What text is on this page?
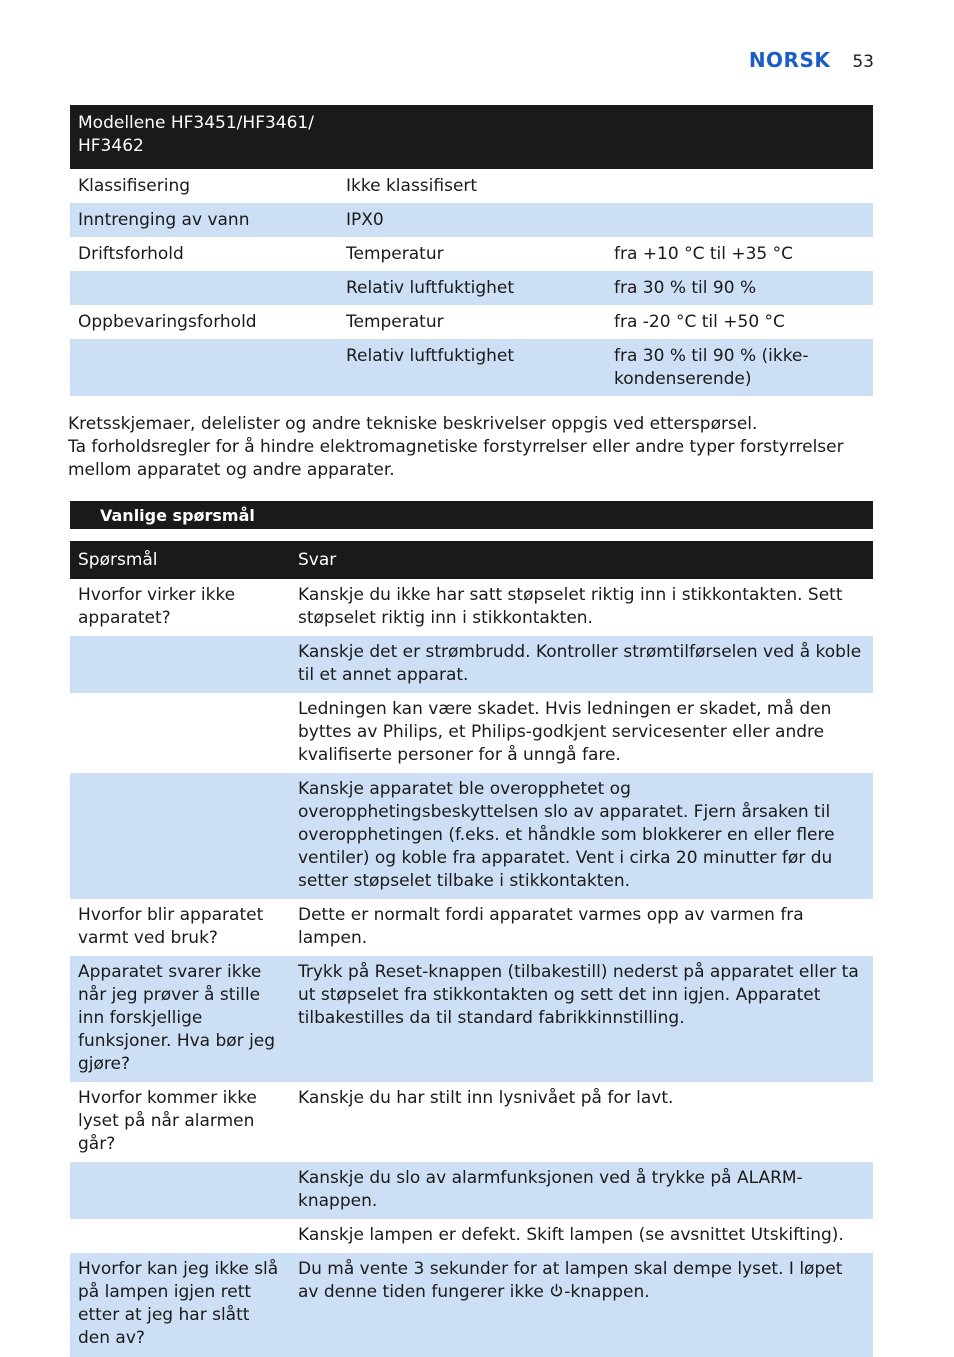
NORSK 53
Modellene HF3451/HF3461/ HF3462		

Klassifisering	Ikke klassifisert	
Inntrenging av vann	IPX0	
Driftsforhold	Temperatur	fra +10 °C til +35 °C
	Relativ luftfuktighet	fra 30 % til 90 %
Oppbevaringsforhold	Temperatur	fra -20 °C til +50 °C
	Relativ luftfuktighet	fra 30 % til 90 % (ikke-kondenserende)

Kretsskjemaer, delelister og andre tekniske beskrivelser oppgis ved etterspørsel.

Ta forholdsregler for å hindre elektromagnetiske forstyrrelser eller andre typer forstyrrelser mellom apparatet og andre apparater.

Vanlige spørsmål
Spørsmål	Svar
Hvorfor virker ikke apparatet?	Kanskje du ikke har satt støpselet riktig inn i stikkontakten. Sett støpselet riktig inn i stikkontakten.
	Kanskje det er strømbrudd. Kontroller strømtilførselen ved å koble til et annet apparat.
	Ledningen kan være skadet. Hvis ledningen er skadet, må den byttes av Philips, et Philips-godkjent servicesenter eller andre kvalifiserte personer for å unngå fare.
	Kanskje apparatet ble overopphetet og overopphetingsbeskyttelsen slo av apparatet. Fjern årsaken til overopphetingen (f.eks. et håndkle som blokkerer en eller flere ventiler) og koble fra apparatet. Vent i cirka 20 minutter før du setter støpselet tilbake i stikkontakten.
Hvorfor blir apparatet varmt ved bruk?	Dette er normalt fordi apparatet varmes opp av varmen fra lampen.
Apparatet svarer ikke når jeg prøver å stille inn forskjellige funksjoner. Hva bør jeg gjøre?	Trykk på Reset-knappen (tilbakestill) nederst på apparatet eller ta ut støpselet fra stikkontakten og sett det inn igjen. Apparatet tilbakestilles da til standard fabrikkinnstilling.
Hvorfor kommer ikke lyset på når alarmen går?	Kanskje du har stilt inn lysnivået på for lavt.
	Kanskje du slo av alarmfunksjonen ved å trykke på ALARM-knappen.
	Kanskje lampen er defekt. Skift lampen (se avsnittet Utskifting).
Hvorfor kan jeg ikke slå på lampen igjen rett etter at jeg har slått den av?	Du må vente 3 sekunder for at lampen skal dempe lyset. I løpet av denne tiden fungerer ikke -knappen.
